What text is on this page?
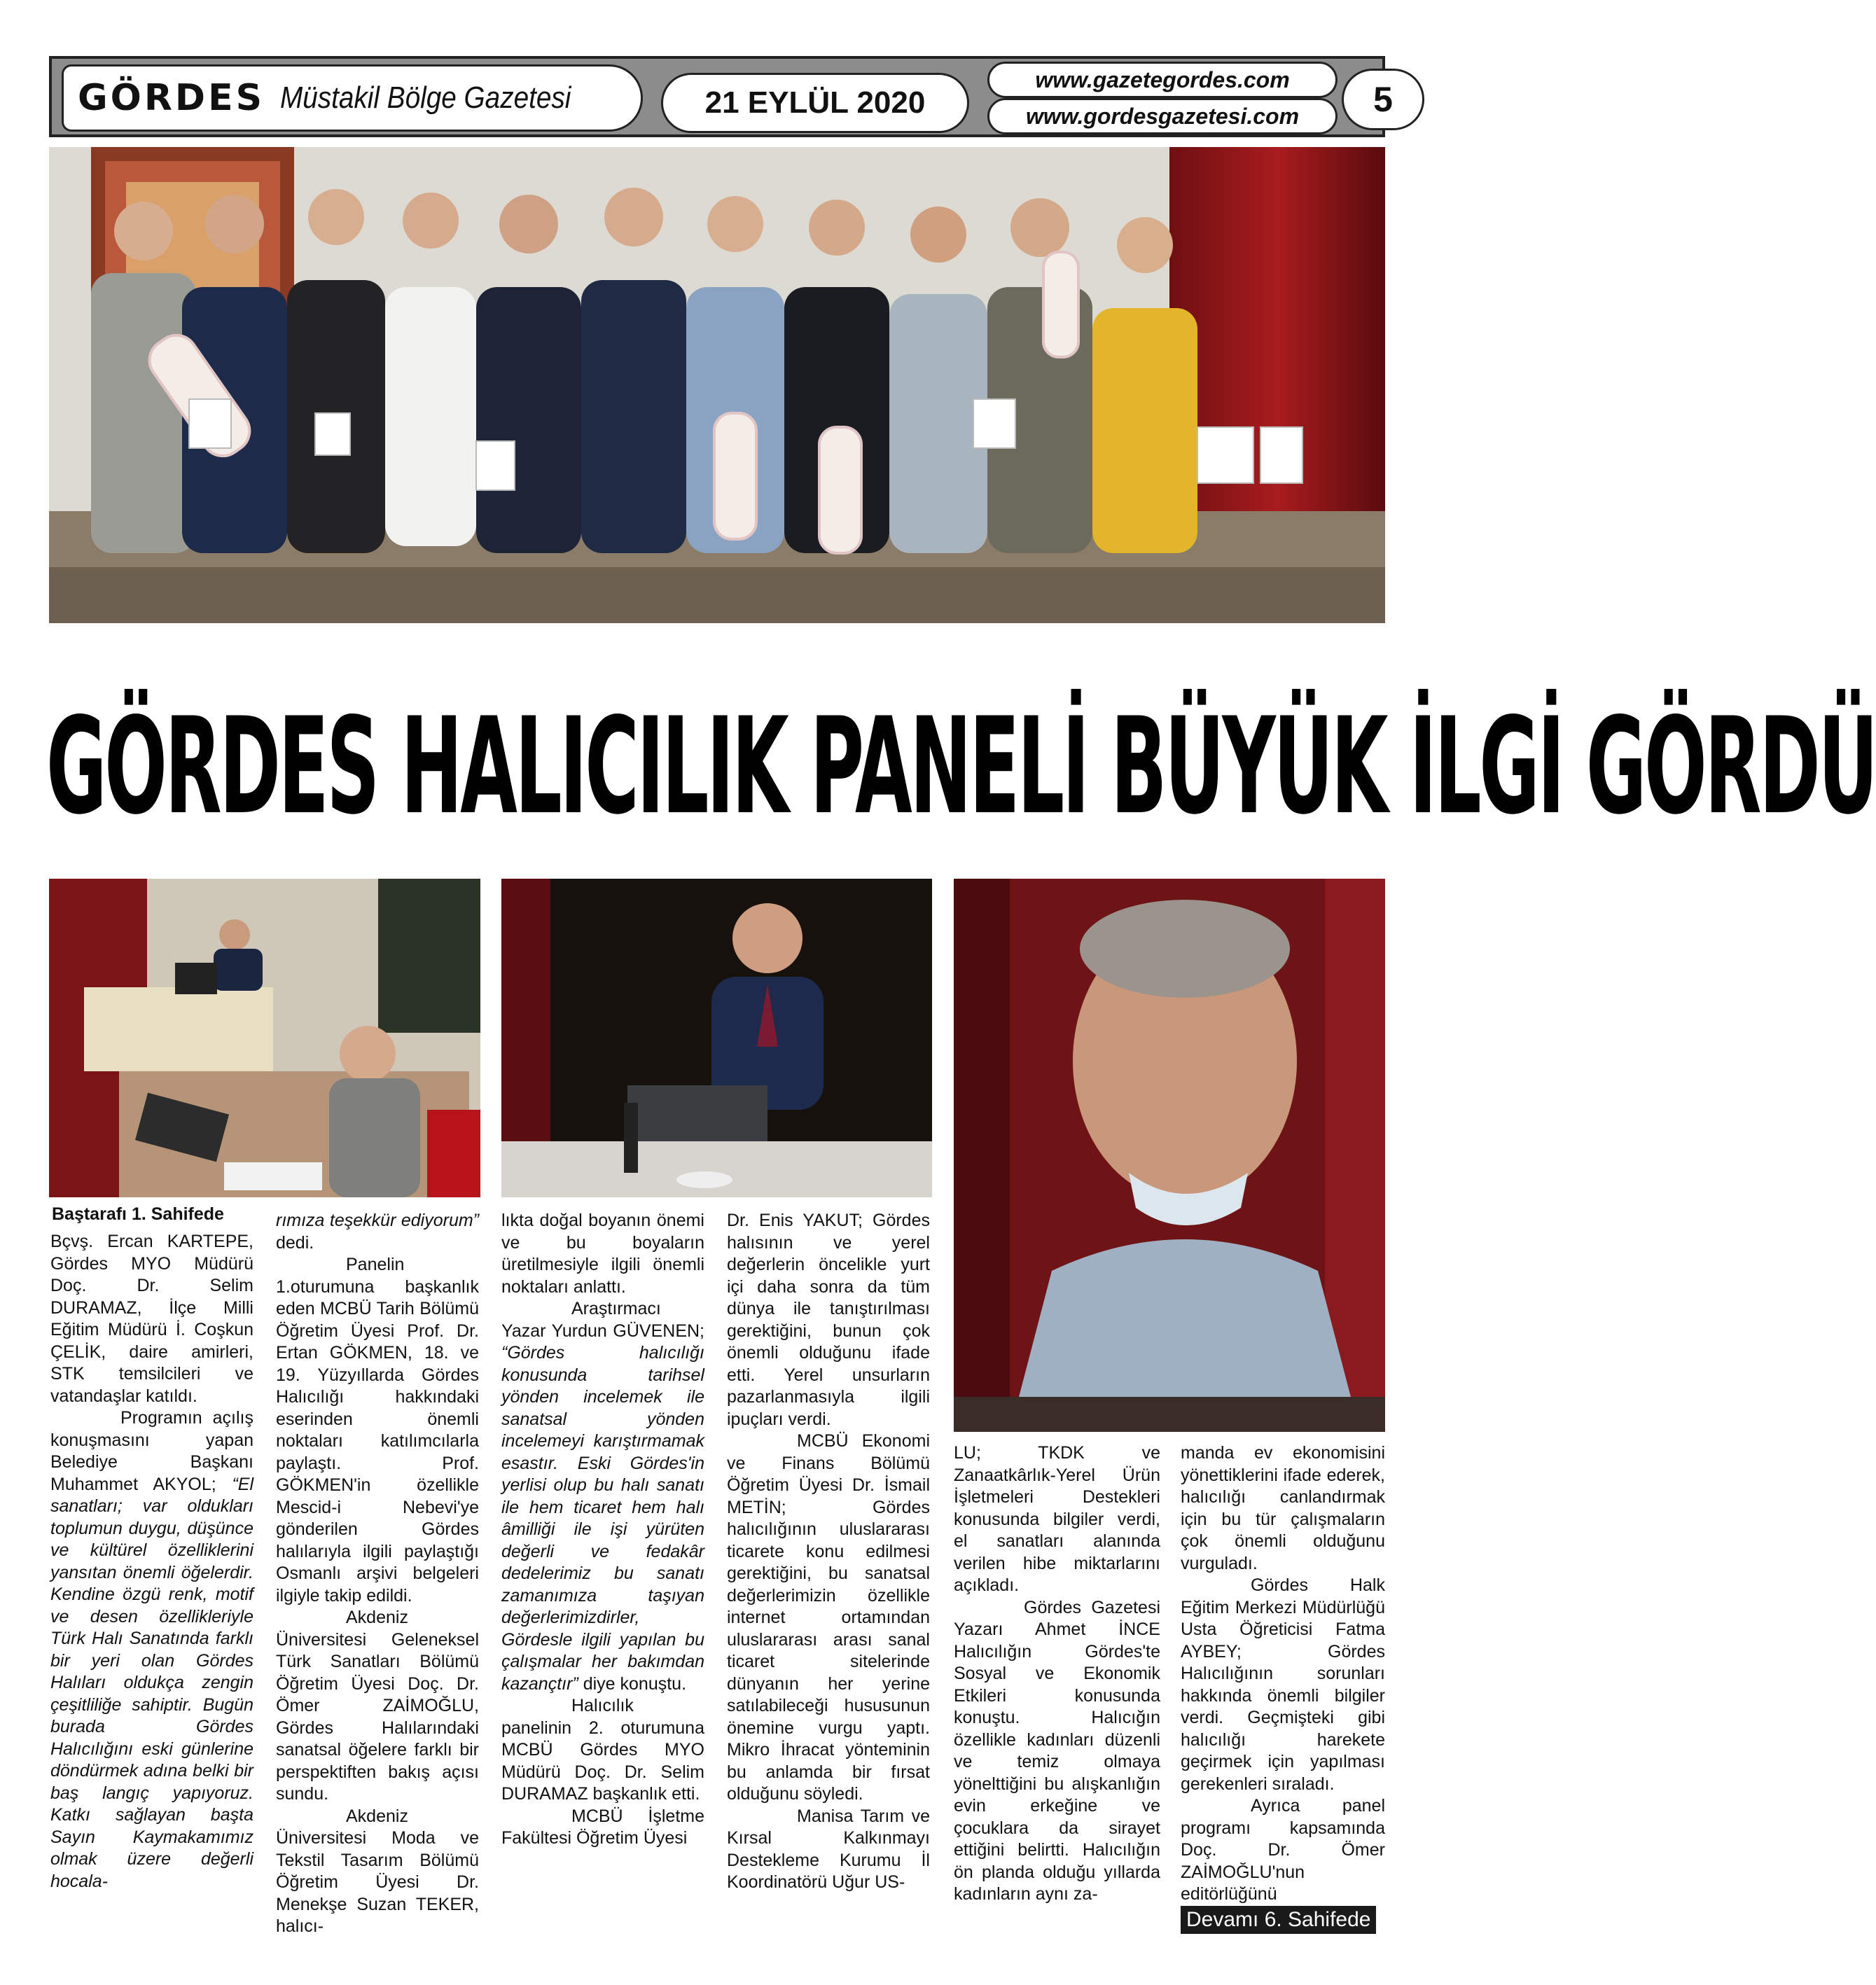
GÖRDES Müstakil Bölge Gazetesi	21 EYLÜL 2020
www.gazetegordes.com
www.gordesgazetesi.com	5
GÖRDES HALICILIK PANELİ BÜYÜK İLGİ GÖRDÜ
Baştarafı 1. Sahifede

Bçvş. Ercan KARTEPE, Gördes MYO Müdürü Doç. Dr. Selim DURAMAZ, İlçe Milli Eğitim Müdürü İ. Coşkun ÇELİK, daire amirleri, STK temsilcileri ve vatandaşlar katıldı.

Programın açılış konuşmasını yapan Belediye Başkanı Muhammet AKYOL; “El sanatları; var oldukları toplumun duygu, düşünce ve kültürel özelliklerini yansıtan önemli öğelerdir. Kendine özgü renk, motif ve desen özellikleriyle Türk Halı Sanatında farklı bir yeri olan Gördes Halıları oldukça zengin çeşitliliğe sahiptir. Bugün burada Gördes Halıcılığını eski günlerine döndürmek adına belki bir baş langıç yapıyoruz. Katkı sağlayan başta Sayın Kaymakamımız olmak üzere değerli hocala-

rımıza teşekkür ediyorum” dedi.

Panelin 1.oturumuna başkanlık eden MCBÜ Tarih Bölümü Öğretim Üyesi Prof. Dr. Ertan GÖKMEN, 18. ve 19. Yüzyıllarda Gördes Halıcılığı hakkındaki eserinden önemli noktaları katılımcılarla paylaştı. Prof. GÖKMEN'in özellikle Mescid-i Nebevi'ye gönderilen Gördes halılarıyla ilgili paylaştığı Osmanlı arşivi belgeleri ilgiyle takip edildi.

Akdeniz Üniversitesi Geleneksel Türk Sanatları Bölümü Öğretim Üyesi Doç. Dr. Ömer ZAİMOĞLU, Gördes Halılarındaki sanatsal öğelere farklı bir perspektiften bakış açısı sundu.

Akdeniz Üniversitesi Moda ve Tekstil Tasarım Bölümü Öğretim Üyesi Dr. Menekşe Suzan TEKER, halıcı-

lıkta doğal boyanın önemi ve bu boyaların üretilmesiyle ilgili önemli noktaları anlattı.

Araştırmacı Yazar Yurdun GÜVENEN; “Gördes halıcılığı konusunda tarihsel yönden incelemek ile sanatsal yönden incelemeyi karıştırmamak esastır. Eski Gördes'in yerlisi olup bu halı sanatı ile hem ticaret hem halı âmilliği ile işi yürüten değerli ve fedakâr dedelerimiz bu sanatı zamanımıza taşıyan değerlerimizdirler, Gördesle ilgili yapılan bu çalışmalar her bakımdan kazançtır” diye konuştu.

Halıcılık panelinin 2. oturumuna MCBÜ Gördes MYO Müdürü Doç. Dr. Selim DURAMAZ başkanlık etti.

MCBÜ İşletme Fakültesi Öğretim Üyesi

Dr. Enis YAKUT; Gördes halısının ve yerel değerlerin öncelikle yurt içi daha sonra da tüm dünya ile tanıştırılması gerektiğini, bunun çok önemli olduğunu ifade etti. Yerel unsurların pazarlanmasıyla ilgili ipuçları verdi.

MCBÜ Ekonomi ve Finans Bölümü Öğretim Üyesi Dr. İsmail METİN; Gördes halıcılığının uluslararası ticarete konu edilmesi gerektiğini, bu sanatsal değerlerimizin özellikle internet ortamından uluslararası arası sanal ticaret sitelerinde dünyanın her yerine satılabileceği hususunun önemine vurgu yaptı. Mikro İhracat yönteminin bu anlamda bir fırsat olduğunu söyledi.

Manisa Tarım ve Kırsal Kalkınmayı Destekleme Kurumu İl Koordinatörü Uğur US-

LU; TKDK ve Zanaatkârlık-Yerel Ürün İşletmeleri Destekleri konusunda bilgiler verdi, el sanatları alanında verilen hibe miktarlarını açıkladı.

Gördes Gazetesi Yazarı Ahmet İNCE Halıcılığın Gördes'te Sosyal ve Ekonomik Etkileri konusunda konuştu. Halıcığın özellikle kadınları düzenli ve temiz olmaya yönelttiğini bu alışkanlığın evin erkeğine ve çocuklara da sirayet ettiğini belirtti. Halıcılığın ön planda olduğu yıllarda kadınların aynı za-

manda ev ekonomisini yönettiklerini ifade ederek, halıcılığı canlandırmak için bu tür çalışmaların çok önemli olduğunu vurguladı.

Gördes Halk Eğitim Merkezi Müdürlüğü Usta Öğreticisi Fatma AYBEY; Gördes Halıcılığının sorunları hakkında önemli bilgiler verdi. Geçmişteki gibi halıcılığı harekete geçirmek için yapılması gerekenleri sıraladı.

Ayrıca panel programı kapsamında Doç. Dr. Ömer ZAİMOĞLU'nun editörlüğünü

Devamı 6. Sahifede
